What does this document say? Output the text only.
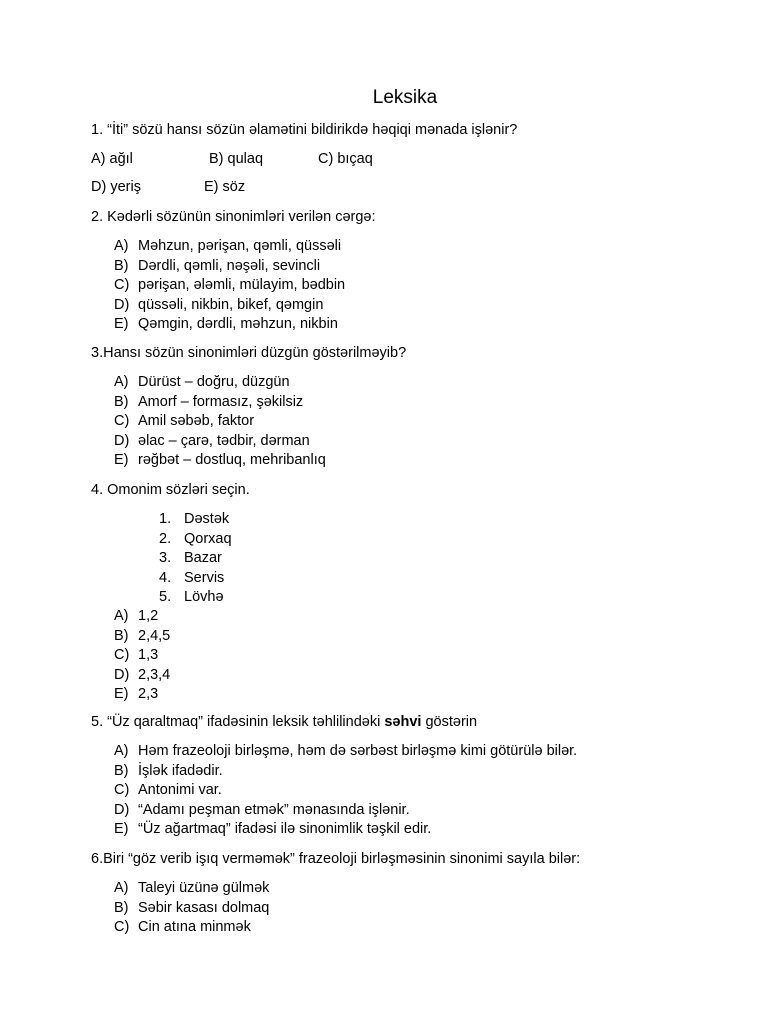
Leksika
1. “İti” sözü hansı sözün əlamətini bildirikdə həqiqi mənada işlənir?
A) ağıl	B) qulaq	C) bıçaq
D) yeriş	E) söz
2. Kədərli sözünün sinonimləri verilən cərgə:
A) Məhzun, pərişan, qəmli, qüssəli
B) Dərdli, qəmli, nəşəli, sevincli
C) pərişan, ələmli, mülayim, bədbin
D) qüssəli, nikbin, bikef, qəmgin
E) Qəmgin, dərdli, məhzun, nikbin
3.Hansı sözün sinonimləri düzgün göstərilməyib?
A) Dürüst – doğru, düzgün
B) Amorf – formasız, şəkilsiz
C) Amil səbəb, faktor
D) əlac – çarə, tədbir, dərman
E) rəğbət – dostluq, mehribanlıq
4. Omonim sözləri seçin.
1. Dəstək
2. Qorxaq
3. Bazar
4. Servis
5. Lövhə
A) 1,2
B) 2,4,5
C) 1,3
D) 2,3,4
E) 2,3
5. “Üz qaraltmaq” ifadəsinin leksik təhlilindəki səhvi göstərin
A) Həm frazeoloji birləşmə, həm də sərbəst birləşmə kimi götürülə bilər.
B) İşlək ifadədir.
C) Antonimi var.
D) “Adamı peşman etmək” mənasında işlənir.
E) “Üz ağartmaq” ifadəsi ilə sinonimlik təşkil edir.
6.Biri “göz verib işıq verməmək” frazeoloji birləşməsinin sinonimi sayıla bilər:
A) Taleyi üzünə gülmək
B) Səbir kasası dolmaq
C) Cin atına minmək
